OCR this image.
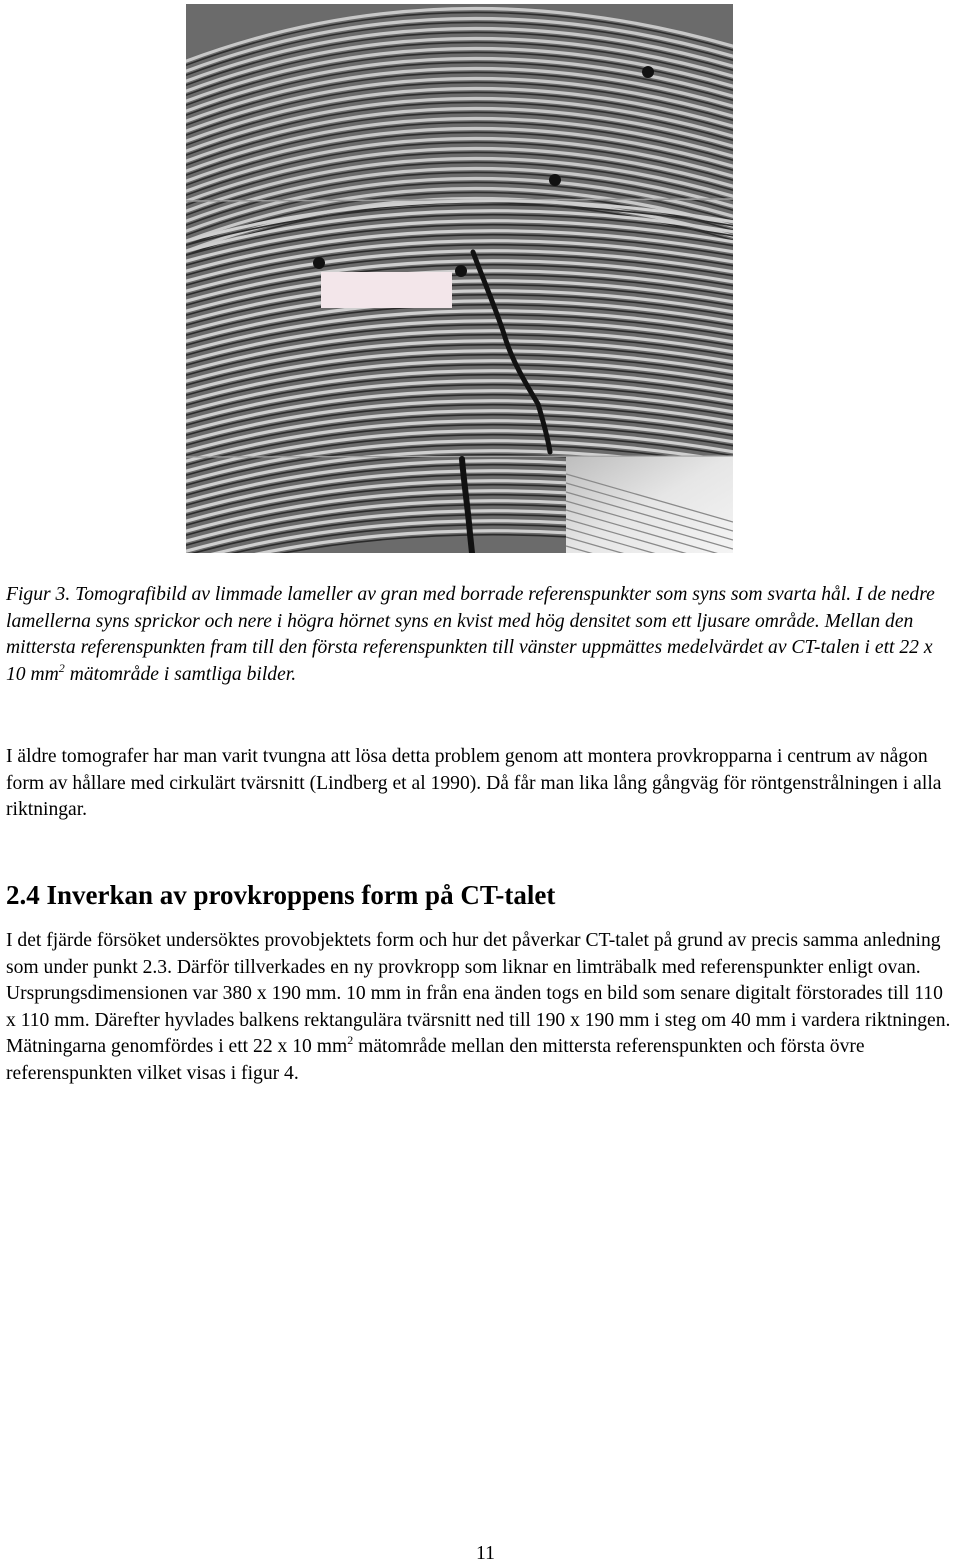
Figur 3. Tomografibild av limmade lameller av gran med borrade referenspunkter som syns som svarta hål. I de nedre lamellerna syns sprickor och nere i högra hörnet syns en kvist med hög densitet som ett ljusare område. Mellan den mittersta referenspunkten fram till den första referenspunkten till vänster uppmättes medelvärdet av CT-talen i ett 22 x 10 $mm^2$ mätområde i samtliga bilder.

I äldre tomografer har man varit tvungna att lösa detta problem genom att montera provkropparna i centrum av någon form av hållare med cirkulärt tvärsnitt (Lindberg et al 1990). Då får man lika lång gångväg för röntgenstrålningen i alla riktningar.

2.4 Inverkan av provkroppens form på CT-talet

I det fjärde försöket undersöktes provobjektets form och hur det påverkar CT-talet på grund av precis samma anledning som under punkt 2.3. Därför tillverkades en ny provkropp som liknar en limträbalk med referenspunkter enligt ovan. Ursprungsdimensionen var 380 x 190 mm. 10 mm in från ena änden togs en bild som senare digitalt förstorades till 110 x 110 mm. Därefter hyvlades balkens rektangulära tvärsnitt ned till 190 x 190 mm i steg om 40 mm i vardera riktningen. Mätningarna genomfördes i ett 22 x 10 $mm^2$ mätområde mellan den mittersta referenspunkten och första övre referenspunkten vilket visas i figur 4.

11
